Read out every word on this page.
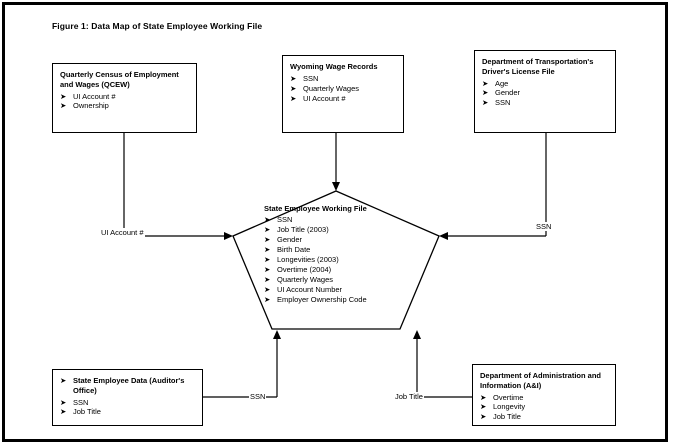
Figure 1: Data Map of State Employee Working File
Quarterly Census of Employment and Wages (QCEW)
➤ UI Account #
➤ Ownership
Wyoming Wage Records
➤ SSN
➤ Quarterly Wages
➤ UI Account #
Department of Transportation's Driver's License File
➤ Age
➤ Gender
➤ SSN
➤ State Employee Data (Auditor's Office)
➤ SSN
➤ Job Title
Department of Administration and Information (A&I)
➤ Overtime
➤ Longevity
➤ Job Title
State Employee Working File
➤ SSN
➤ Job Title (2003)
➤ Gender
➤ Birth Date
➤ Longevities (2003)
➤ Overtime (2004)
➤ Quarterly Wages
➤ UI Account Number
➤ Employer Ownership Code
UI Account #
SSN
SSN	Job Title
